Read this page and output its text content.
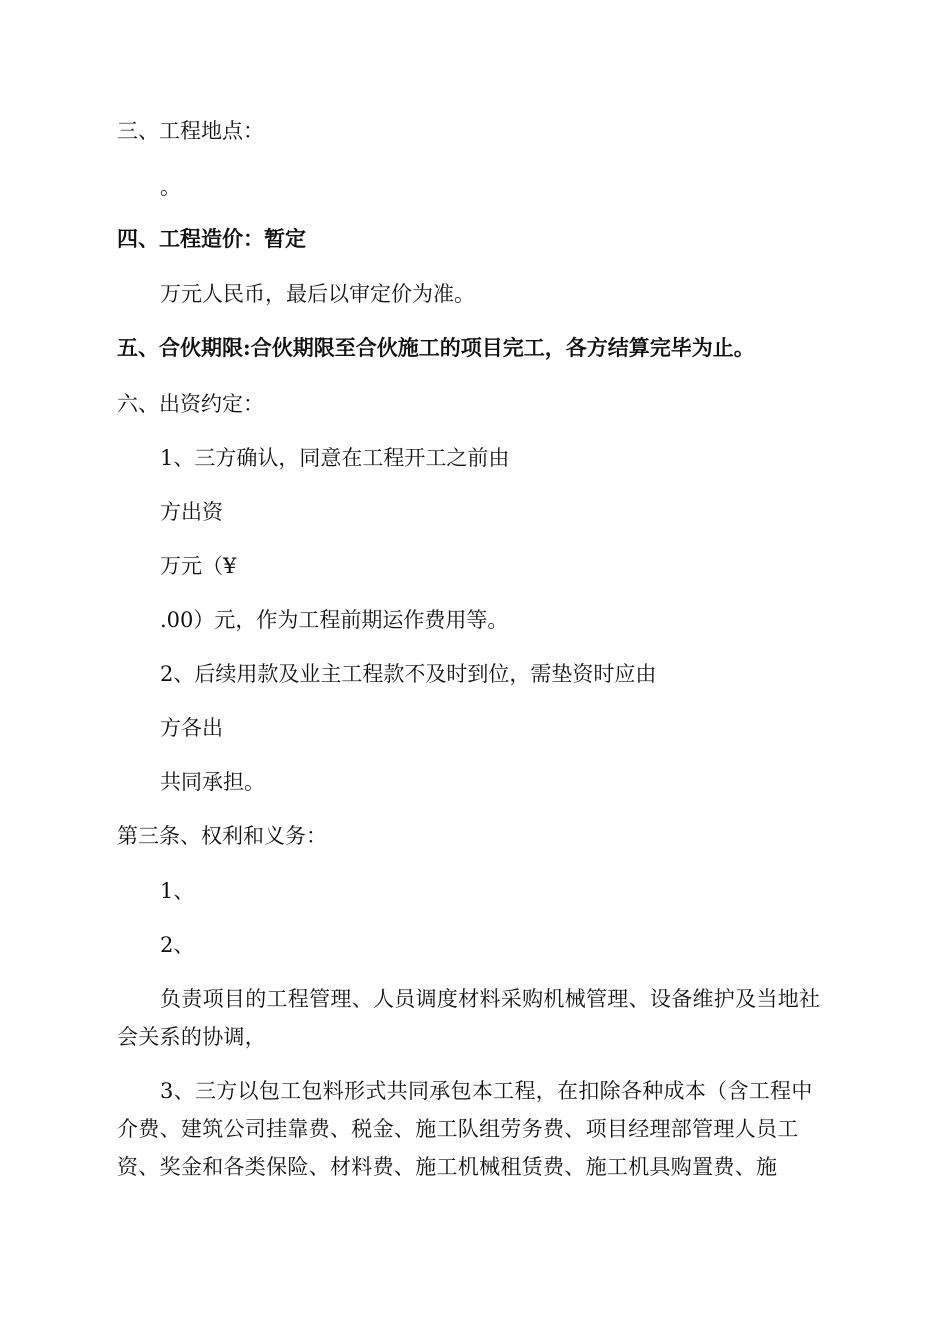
三、工程地点：
。
四、工程造价：暂定
万元人民币，最后以审定价为准。
五、合伙期限:合伙期限至合伙施工的项目完工，各方结算完毕为止。
六、出资约定：
1、三方确认，同意在工程开工之前由
方出资
万元（¥
.00）元，作为工程前期运作费用等。
2、后续用款及业主工程款不及时到位，需垫资时应由
方各出
共同承担。
第三条、权利和义务：
1、
2、
负责项目的工程管理、人员调度材料采购机械管理、设备维护及当地社会关系的协调，
3、三方以包工包料形式共同承包本工程，在扣除各种成本（含工程中介费、建筑公司挂靠费、税金、施工队组劳务费、项目经理部管理人员工资、奖金和各类保险、材料费、施工机械租赁费、施工机具购置费、施
